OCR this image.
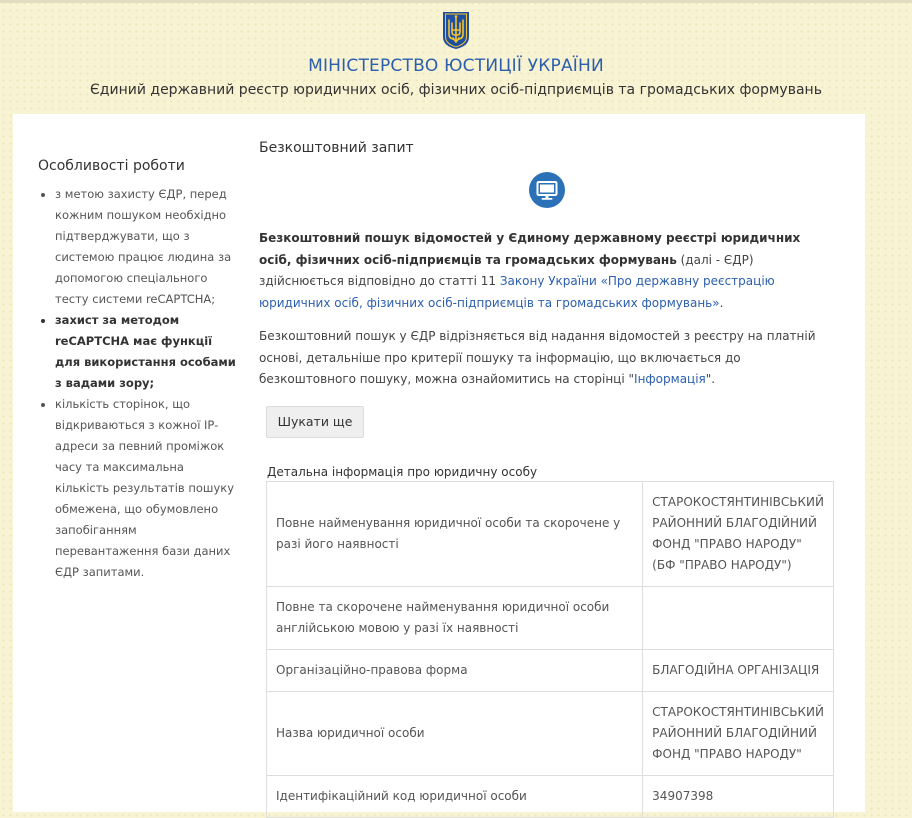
МІНІСТЕРСТВО ЮСТИЦІЇ УКРАЇНИ
Єдиний державний реєстр юридичних осіб, фізичних осіб-підприємців та громадських формувань
Особливості роботи
• з метою захисту ЄДР, перед кожним пошуком необхідно підтверджувати, що з системою працює людина за допомогою спеціального тесту системи reCAPTCHA;
• захист за методом reCAPTCHA має функції для використання особами з вадами зору;
• кількість сторінок, що відкриваються з кожної IP-адреси за певний проміжок часу та максимальна кількість результатів пошуку обмежена, що обумовлено запобіганням перевантаження бази даних ЄДР запитами.
Безкоштовний запит

Безкоштовний пошук відомостей у Єдиному державному реєстрі юридичних осіб, фізичних осіб-підприємців та громадських формувань (далі - ЄДР) здійснюється відповідно до статті 11 Закону України «Про державну реєстрацію юридичних осіб, фізичних осіб-підприємців та громадських формувань».

Безкоштовний пошук у ЄДР відрізняється від надання відомостей з реєстру на платній основі, детальніше про критерії пошуку та інформацію, що включається до безкоштовного пошуку, можна ознайомитись на сторінці "Інформація".

Шукати ще
Детальна інформація про юридичну особу
Повне найменування юридичної особи та скорочене у разі його наявності	СТАРОКОСТЯНТИНІВСЬКИЙ РАЙОННИЙ БЛАГОДІЙНИЙ ФОНД "ПРАВО НАРОДУ" (БФ "ПРАВО НАРОДУ")
Повне та скорочене найменування юридичної особи англійською мовою у разі їх наявності	
Організаційно-правова форма	БЛАГОДІЙНА ОРГАНІЗАЦІЯ
Назва юридичної особи	СТАРОКОСТЯНТИНІВСЬКИЙ РАЙОННИЙ БЛАГОДІЙНИЙ ФОНД "ПРАВО НАРОДУ"
Ідентифікаційний код юридичної особи	34907398
